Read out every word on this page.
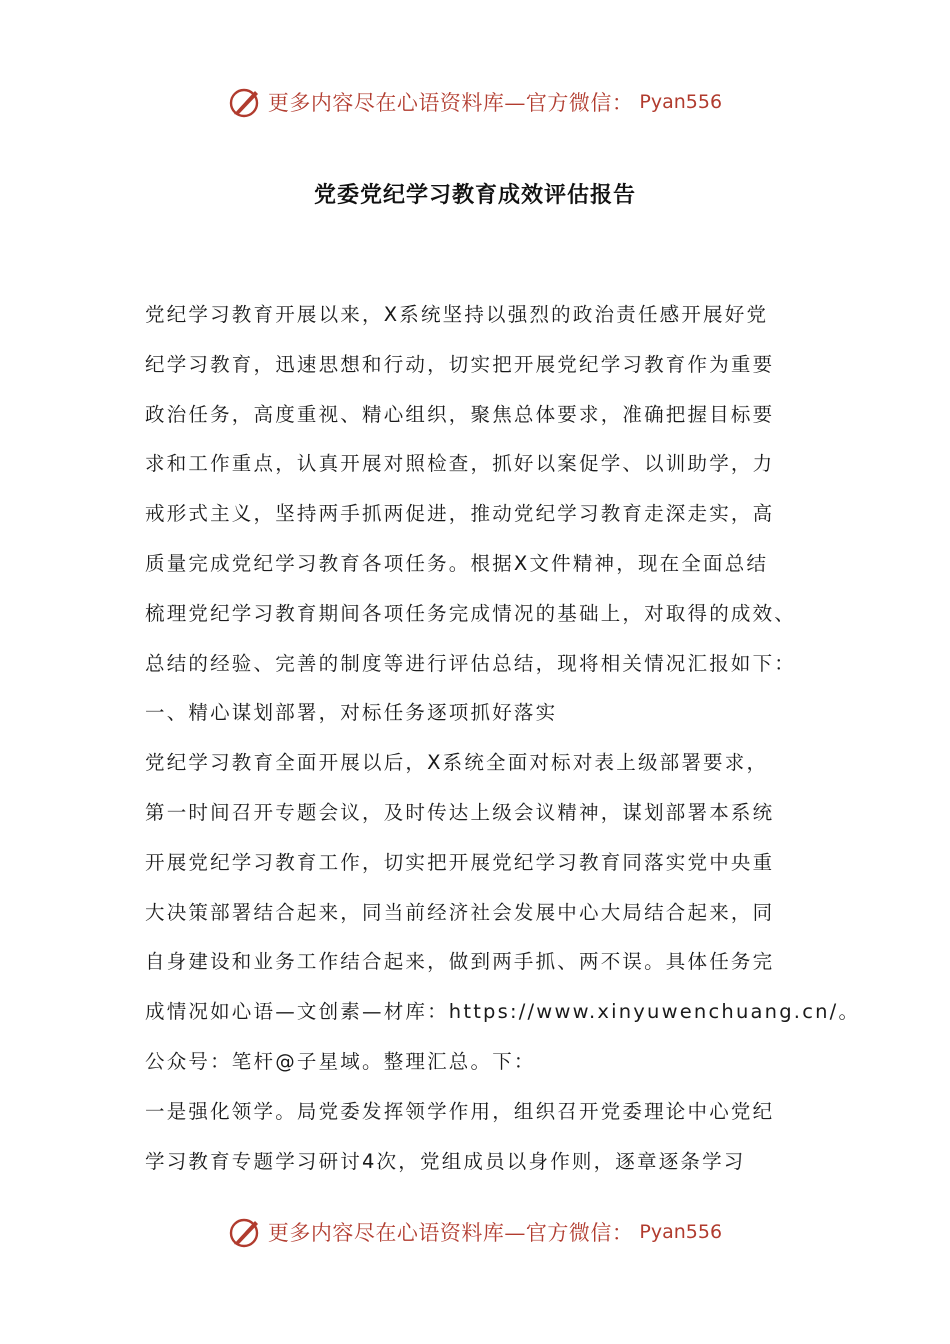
更多内容尽在心语资料库—官方微信： Pyan556
党委党纪学习教育成效评估报告
党纪学习教育开展以来，X系统坚持以强烈的政治责任感开展好党
纪学习教育，迅速思想和行动，切实把开展党纪学习教育作为重要
政治任务，高度重视、精心组织，聚焦总体要求，准确把握目标要
求和工作重点，认真开展对照检查，抓好以案促学、以训助学，力
戒形式主义，坚持两手抓两促进，推动党纪学习教育走深走实，高
质量完成党纪学习教育各项任务。根据X文件精神，现在全面总结
梳理党纪学习教育期间各项任务完成情况的基础上，对取得的成效、
总结的经验、完善的制度等进行评估总结，现将相关情况汇报如下：
一、精心谋划部署，对标任务逐项抓好落实
党纪学习教育全面开展以后，X系统全面对标对表上级部署要求，
第一时间召开专题会议，及时传达上级会议精神，谋划部署本系统
开展党纪学习教育工作，切实把开展党纪学习教育同落实党中央重
大决策部署结合起来，同当前经济社会发展中心大局结合起来，同
自身建设和业务工作结合起来，做到两手抓、两不误。具体任务完
成情况如心语—文创素—材库：https://www.xinyuwenchuang.cn/。
公众号：笔杆@子星域。整理汇总。下：
一是强化领学。局党委发挥领学作用，组织召开党委理论中心党纪
学习教育专题学习研讨4次，党组成员以身作则，逐章逐条学习
更多内容尽在心语资料库—官方微信： Pyan556
